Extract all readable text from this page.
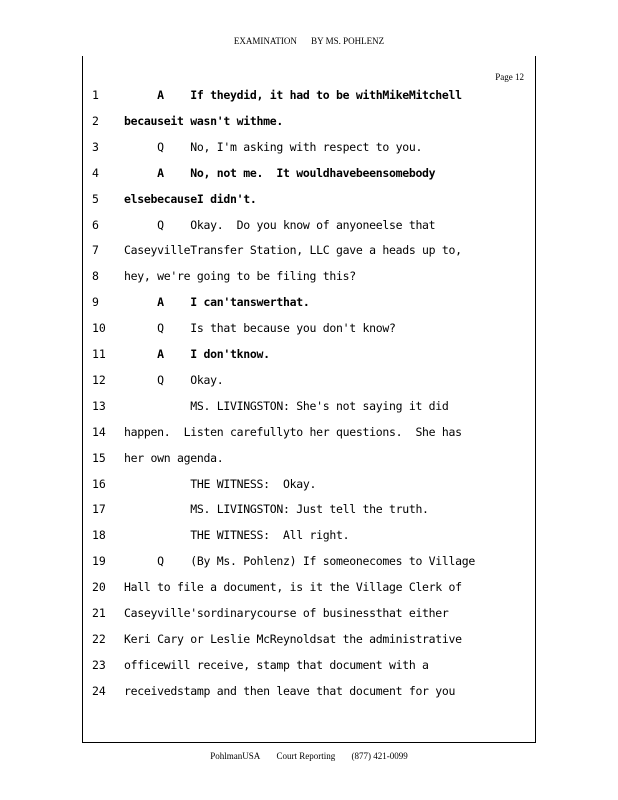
EXAMINATION BY MS. POHLENZ
Page 12
1	A    If theydid, it had to be withMikeMitchell
2	becauseit wasn't withme.
3	Q    No, I'm asking with respect to you.
4	A    No, not me.  It wouldhavebeensomebody
5	elsebecauseI didn't.
6	Q    Okay.  Do you know of anyoneelse that
7	CaseyvilleTransfer Station, LLC gave a heads up to,
8	hey, we're going to be filing this?
9	A    I can'tanswerthat.
10 Q    Is that because you don't know?
11 A    I don'tknow.
12 Q    Okay.
13 MS. LIVINGSTON: She's not saying it did
14 happen.  Listen carefullyto her questions.  She has
15 her own agenda.
16 THE WITNESS:  Okay.
17 MS. LIVINGSTON: Just tell the truth.
18 THE WITNESS:  All right.
19 Q    (By Ms. Pohlenz) If someonecomes to Village
20 Hall to file a document, is it the Village Clerk of
21 Caseyville'sordinarycourse of businessthat either
22 Keri Cary or Leslie McReynoldsat the administrative
23 officewill receive, stamp that document with a
24 receivedstamp and then leave that document for you
PohlmanUSA Court Reporting (877) 421-0099
